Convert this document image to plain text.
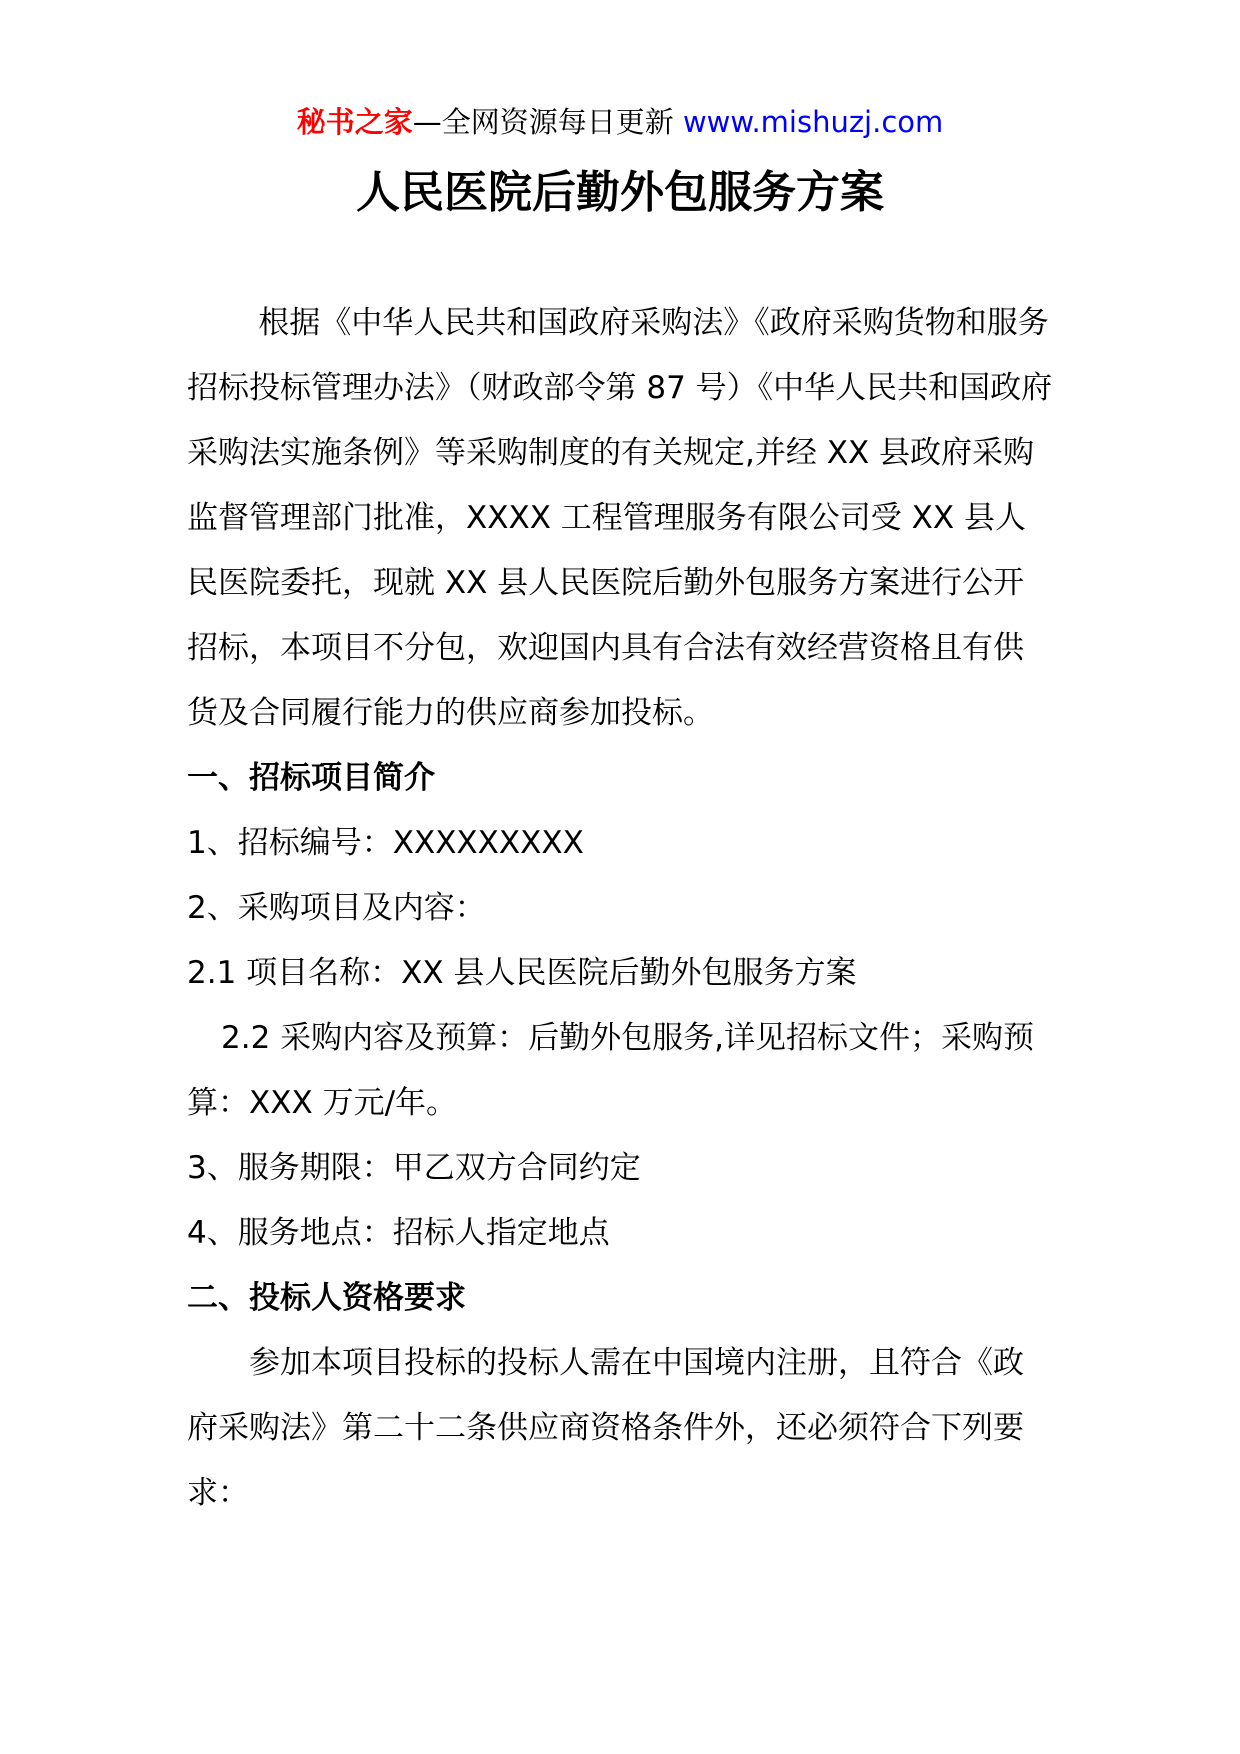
秘书之家—全网资源每日更新 www.mishuzj.com
人民医院后勤外包服务方案

根据《中华人民共和国政府采购法》《政府采购货物和服务招标投标管理办法》（财政部令第 87 号）《中华人民共和国政府采购法实施条例》等采购制度的有关规定,并经 XX 县政府采购监督管理部门批准，XXXX 工程管理服务有限公司受 XX 县人民医院委托，现就 XX 县人民医院后勤外包服务方案进行公开招标，本项目不分包，欢迎国内具有合法有效经营资格且有供货及合同履行能力的供应商参加投标。

一、招标项目简介

1、招标编号：XXXXXXXXX

2、采购项目及内容：

2.1 项目名称：XX 县人民医院后勤外包服务方案

2.2 采购内容及预算：后勤外包服务,详见招标文件；采购预算：XXX 万元/年。

3、服务期限：甲乙双方合同约定

4、服务地点：招标人指定地点

二、投标人资格要求

参加本项目投标的投标人需在中国境内注册，且符合《政府采购法》第二十二条供应商资格条件外，还必须符合下列要求：
